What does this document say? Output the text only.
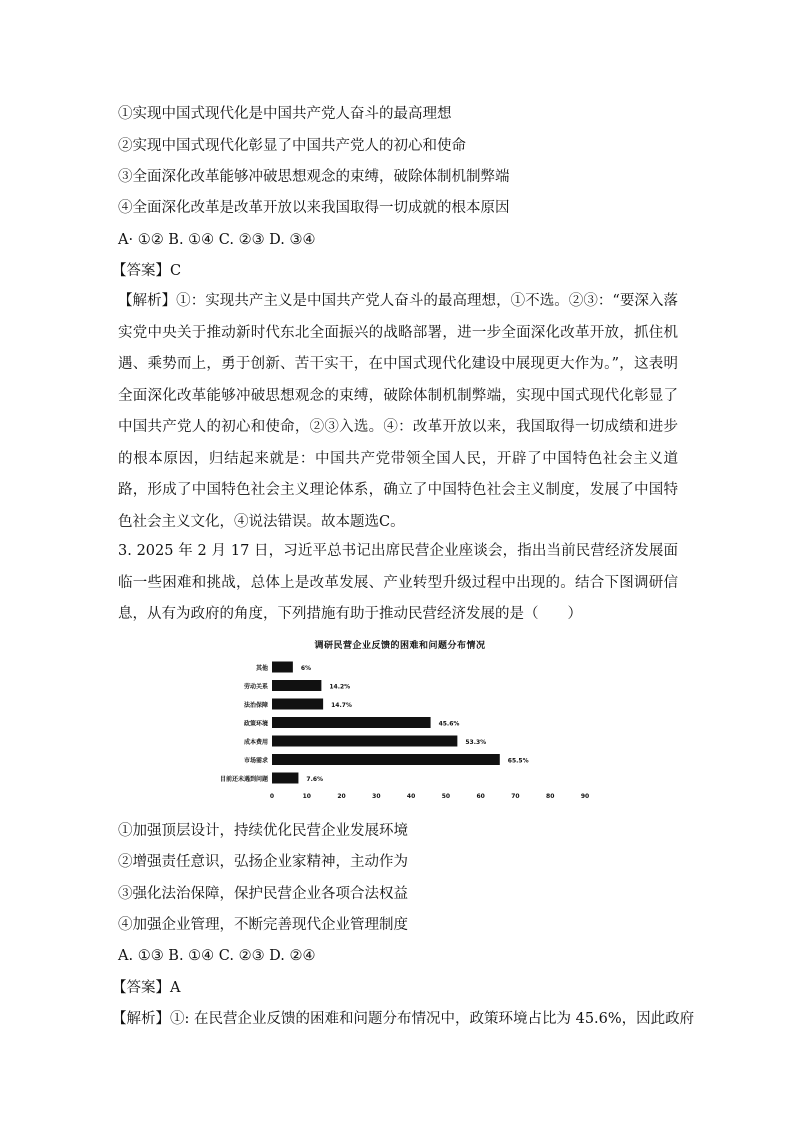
①实现中国式现代化是中国共产党人奋斗的最高理想
②实现中国式现代化彰显了中国共产党人的初心和使命
③全面深化改革能够冲破思想观念的束缚，破除体制机制弊端
④全面深化改革是改革开放以来我国取得一切成就的根本原因
A· ①② B. ①④ C. ②③ D. ③④
【答案】C
【解析】①：实现共产主义是中国共产党人奋斗的最高理想，①不选。②③：“要深入落实党中央关于推动新时代东北全面振兴的战略部署，进一步全面深化改革开放，抓住机遇、乘势而上，勇于创新、苦干实干，在中国式现代化建设中展现更大作为。”，这表明全面深化改革能够冲破思想观念的束缚，破除体制机制弊端，实现中国式现代化彰显了中国共产党人的初心和使命，②③入选。④：改革开放以来，我国取得一切成绩和进步的根本原因，归结起来就是：中国共产党带领全国人民，开辟了中国特色社会主义道路，形成了中国特色社会主义理论体系，确立了中国特色社会主义制度，发展了中国特色社会主义文化，④说法错误。故本题选C。
3. 2025 年 2 月 17 日，习近平总书记出席民营企业座谈会，指出当前民营经济发展面临一些困难和挑战，总体上是改革发展、产业转型升级过程中出现的。结合下图调研信息，从有为政府的角度，下列措施有助于推动民营经济发展的是（　　）
调研民营企业反馈的困难和问题分布情况
其他	6%
劳动关系	14.2%
法治保障	14.7%
政策环境	45.6%
成本费用	53.3%
市场需求	65.5%
目前还未遇到问题	7.6%
0	10	20	30	40	50	60	70	80	90
①加强顶层设计，持续优化民营企业发展环境
②增强责任意识，弘扬企业家精神，主动作为
③强化法治保障，保护民营企业各项合法权益
④加强企业管理，不断完善现代企业管理制度
A. ①③ B. ①④ C. ②③ D. ②④
【答案】A
【解析】①: 在民营企业反馈的困难和问题分布情况中，政策环境占比为 45.6%，因此政府
